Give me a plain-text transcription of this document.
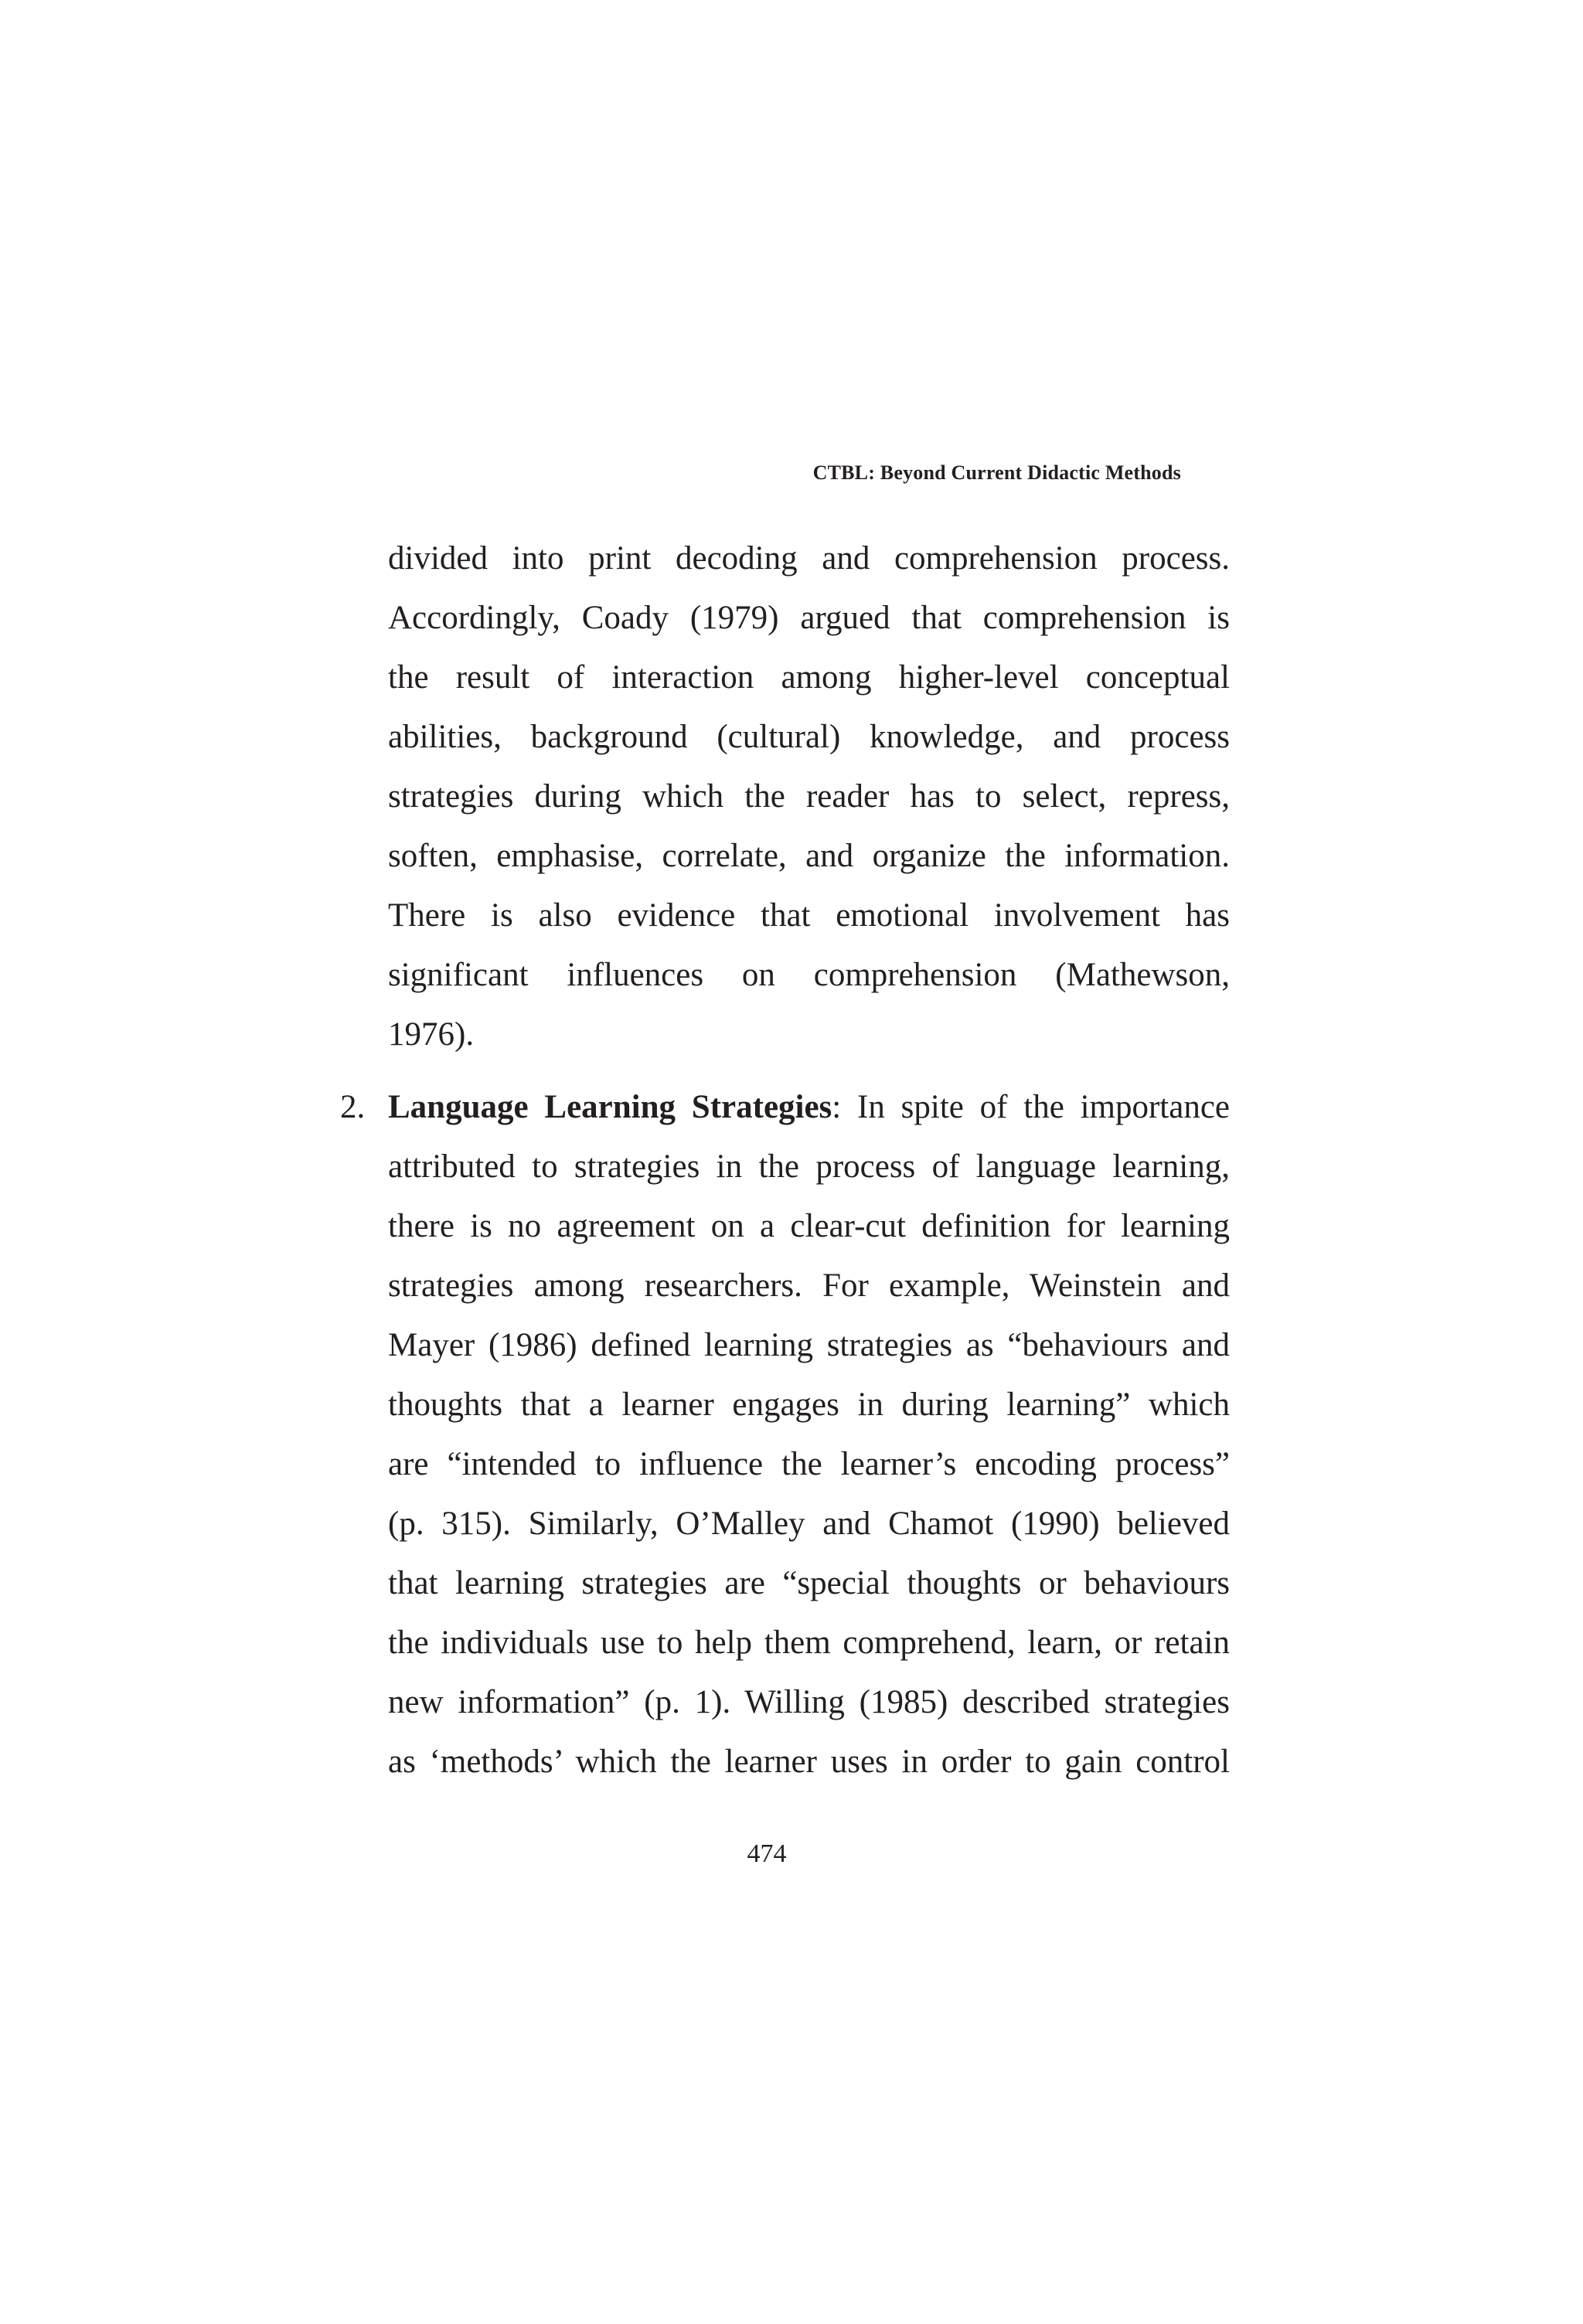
CTBL: Beyond Current Didactic Methods
divided into print decoding and comprehension process.
Accordingly, Coady (1979) argued that comprehension is
the result of interaction among higher-level conceptual
abilities, background (cultural) knowledge, and process
strategies during which the reader has to select, repress,
soften, emphasise, correlate, and organize the information.
There is also evidence that emotional involvement has
significant influences on comprehension (Mathewson,
1976).
2. Language Learning Strategies: In spite of the importance
attributed to strategies in the process of language learning,
there is no agreement on a clear-cut definition for learning
strategies among researchers. For example, Weinstein and
Mayer (1986) defined learning strategies as “behaviours and
thoughts that a learner engages in during learning” which
are “intended to influence the learner’s encoding process”
(p. 315). Similarly, O’Malley and Chamot (1990) believed
that learning strategies are “special thoughts or behaviours
the individuals use to help them comprehend, learn, or retain
new information” (p. 1). Willing (1985) described strategies
as ‘methods’ which the learner uses in order to gain control
474
